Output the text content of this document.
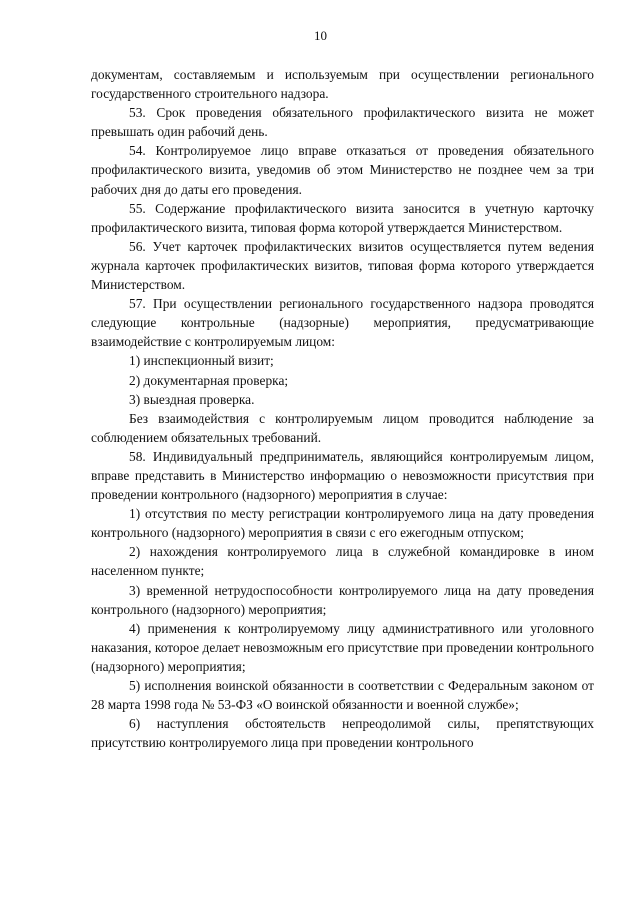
10

документам, составляемым и используемым при осуществлении регионального государственного строительного надзора.

53. Срок проведения обязательного профилактического визита не может превышать один рабочий день.

54. Контролируемое лицо вправе отказаться от проведения обязательного профилактического визита, уведомив об этом Министерство не позднее чем за три рабочих дня до даты его проведения.

55. Содержание профилактического визита заносится в учетную карточку профилактического визита, типовая форма которой утверждается Министерством.

56. Учет карточек профилактических визитов осуществляется путем ведения журнала карточек профилактических визитов, типовая форма которого утверждается Министерством.

57. При осуществлении регионального государственного надзора проводятся следующие контрольные (надзорные) мероприятия, предусматривающие взаимодействие с контролируемым лицом:

1) инспекционный визит;

2) документарная проверка;

3) выездная проверка.

Без взаимодействия с контролируемым лицом проводится наблюдение за соблюдением обязательных требований.

58. Индивидуальный предприниматель, являющийся контролируемым лицом, вправе представить в Министерство информацию о невозможности присутствия при проведении контрольного (надзорного) мероприятия в случае:

1) отсутствия по месту регистрации контролируемого лица на дату проведения контрольного (надзорного) мероприятия в связи с его ежегодным отпуском;

2) нахождения контролируемого лица в служебной командировке в ином населенном пункте;

3) временной нетрудоспособности контролируемого лица на дату проведения контрольного (надзорного) мероприятия;

4) применения к контролируемому лицу административного или уголовного наказания, которое делает невозможным его присутствие при проведении контрольного (надзорного) мероприятия;

5) исполнения воинской обязанности в соответствии с Федеральным законом от 28 марта 1998 года № 53-ФЗ «О воинской обязанности и военной службе»;

6) наступления обстоятельств непреодолимой силы, препятствующих присутствию контролируемого лица при проведении контрольного
